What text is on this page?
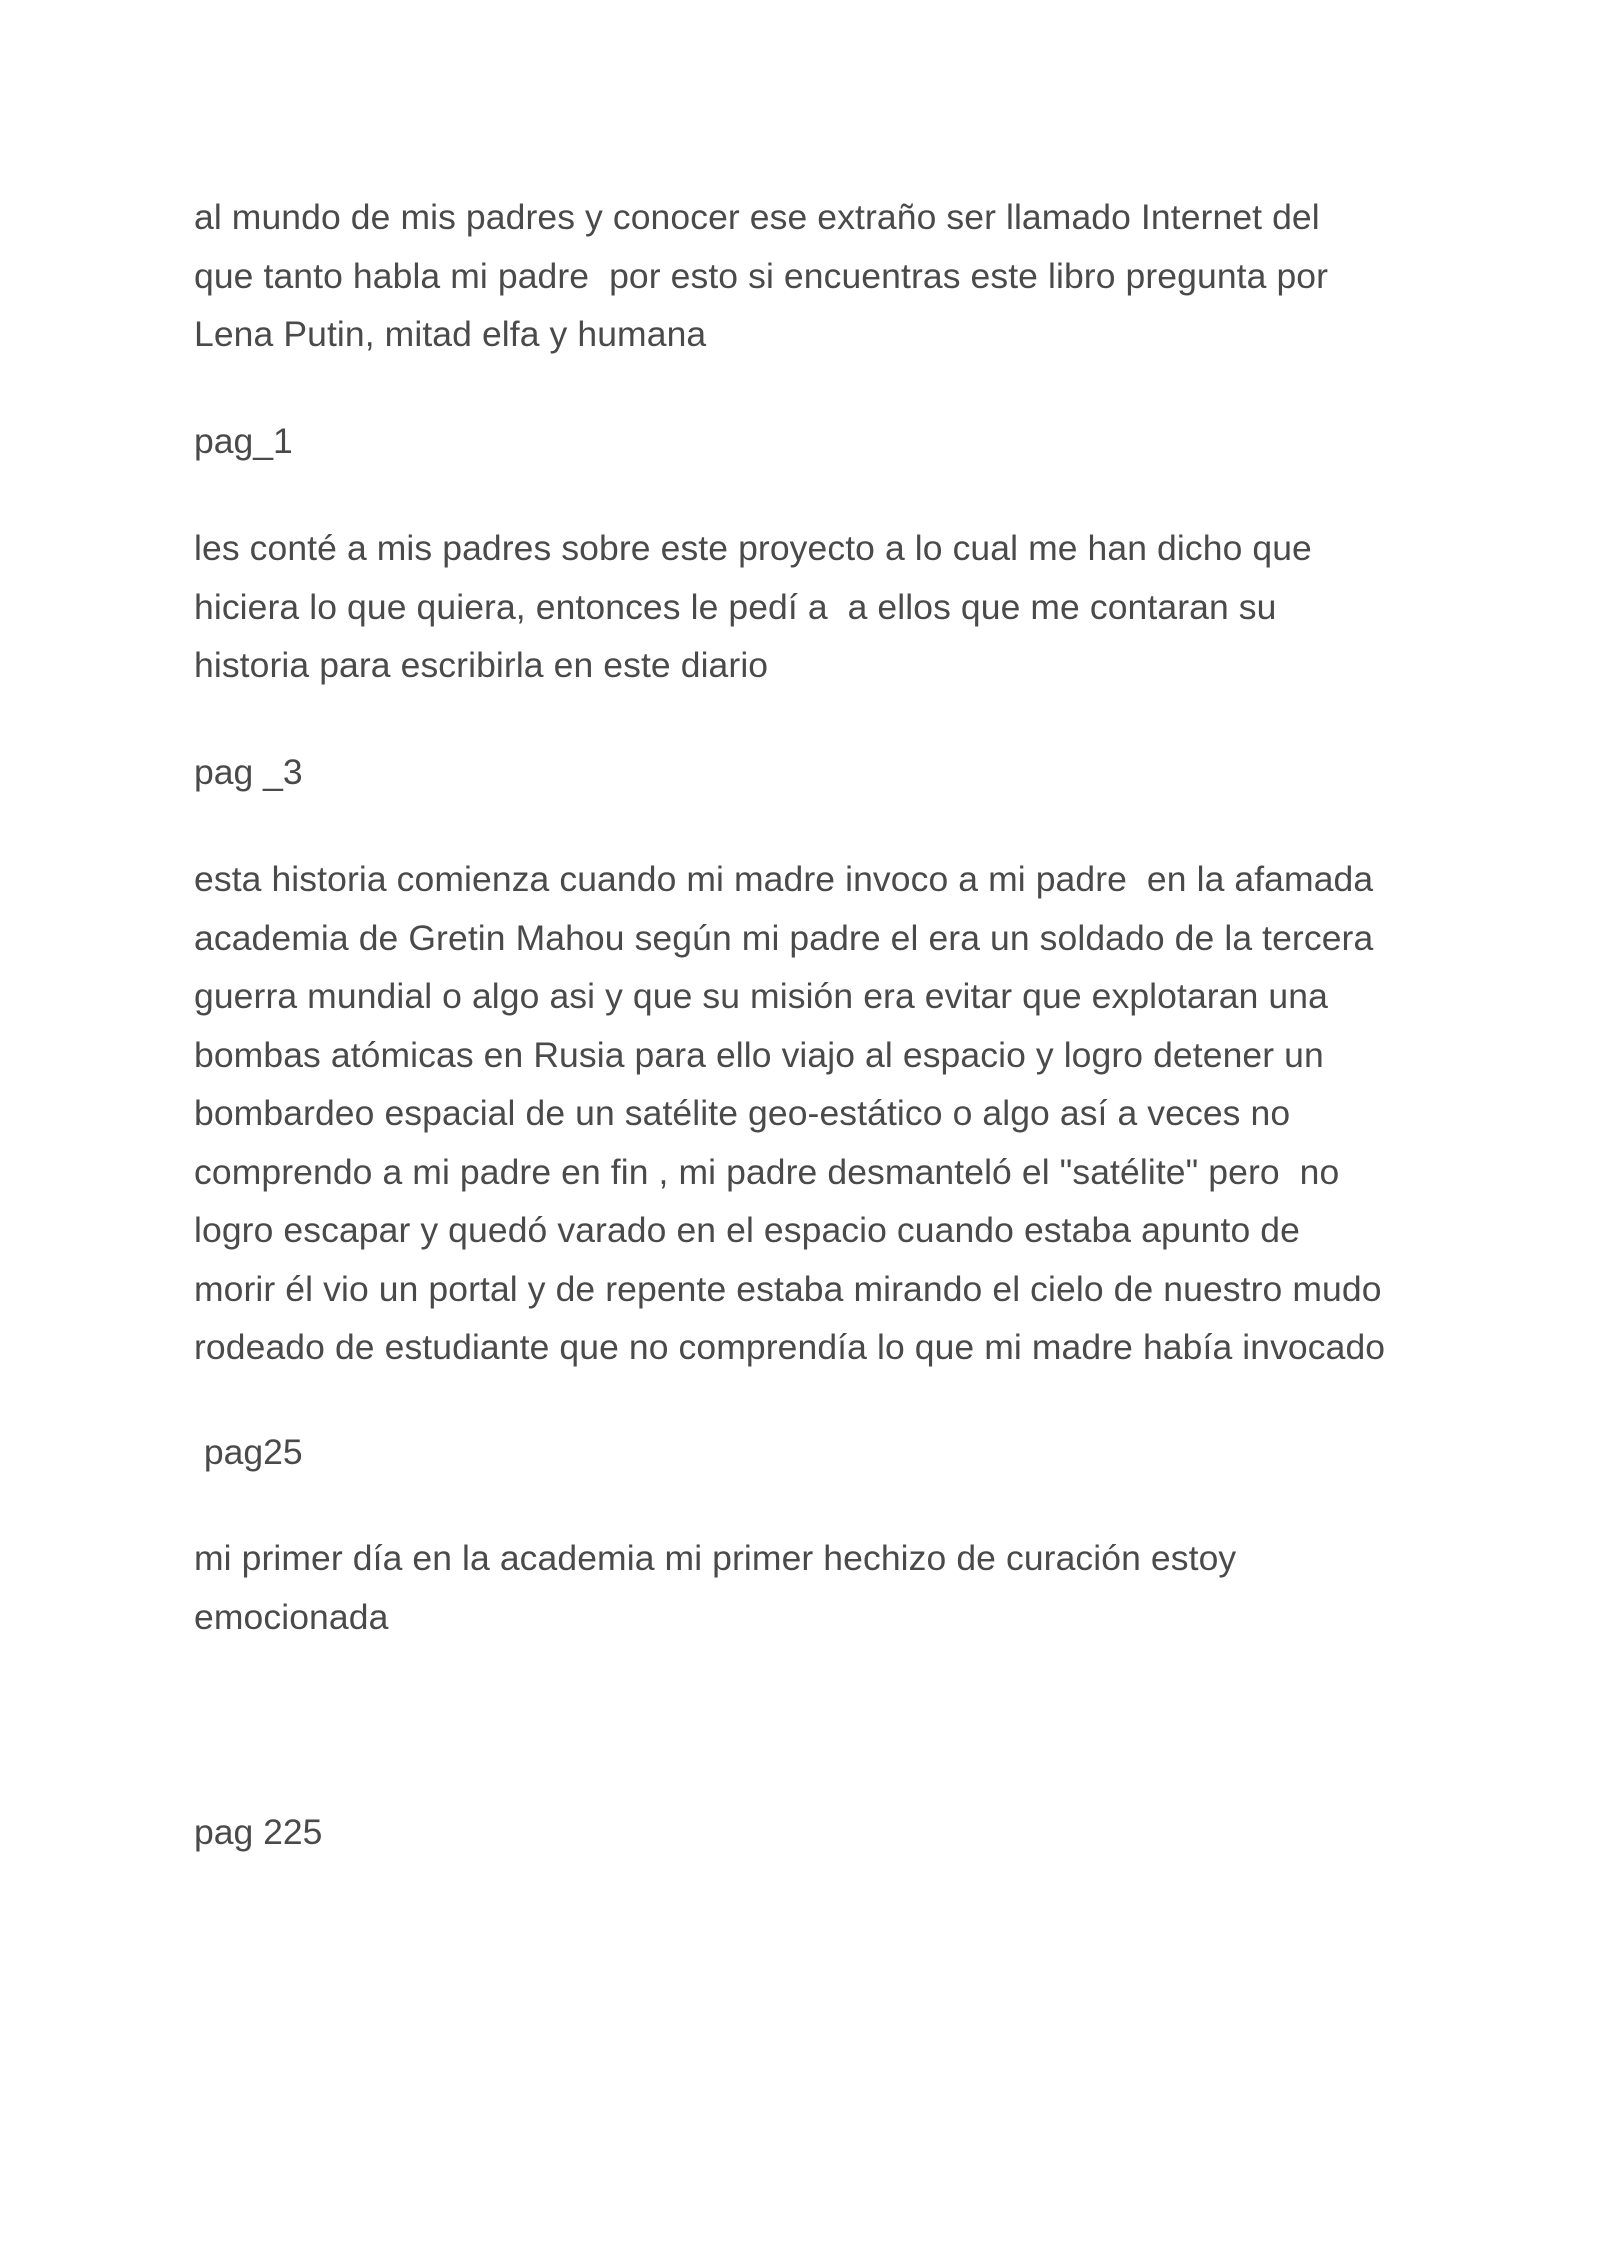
al mundo de mis padres y conocer ese extraño ser llamado Internet del
que tanto habla mi padre  por esto si encuentras este libro pregunta por
Lena Putin, mitad elfa y humana

pag_1

les conté a mis padres sobre este proyecto a lo cual me han dicho que
hiciera lo que quiera, entonces le pedí a  a ellos que me contaran su
historia para escribirla en este diario

pag _3

esta historia comienza cuando mi madre invoco a mi padre  en la afamada
academia de Gretin Mahou según mi padre el era un soldado de la tercera
guerra mundial o algo asi y que su misión era evitar que explotaran una
bombas atómicas en Rusia para ello viajo al espacio y logro detener un
bombardeo espacial de un satélite geo-estático o algo así a veces no
comprendo a mi padre en fin , mi padre desmanteló el "satélite" pero  no
logro escapar y quedó varado en el espacio cuando estaba apunto de
morir él vio un portal y de repente estaba mirando el cielo de nuestro mudo
rodeado de estudiante que no comprendía lo que mi madre había invocado

pag25

mi primer día en la academia mi primer hechizo de curación estoy
emocionada

pag 225
